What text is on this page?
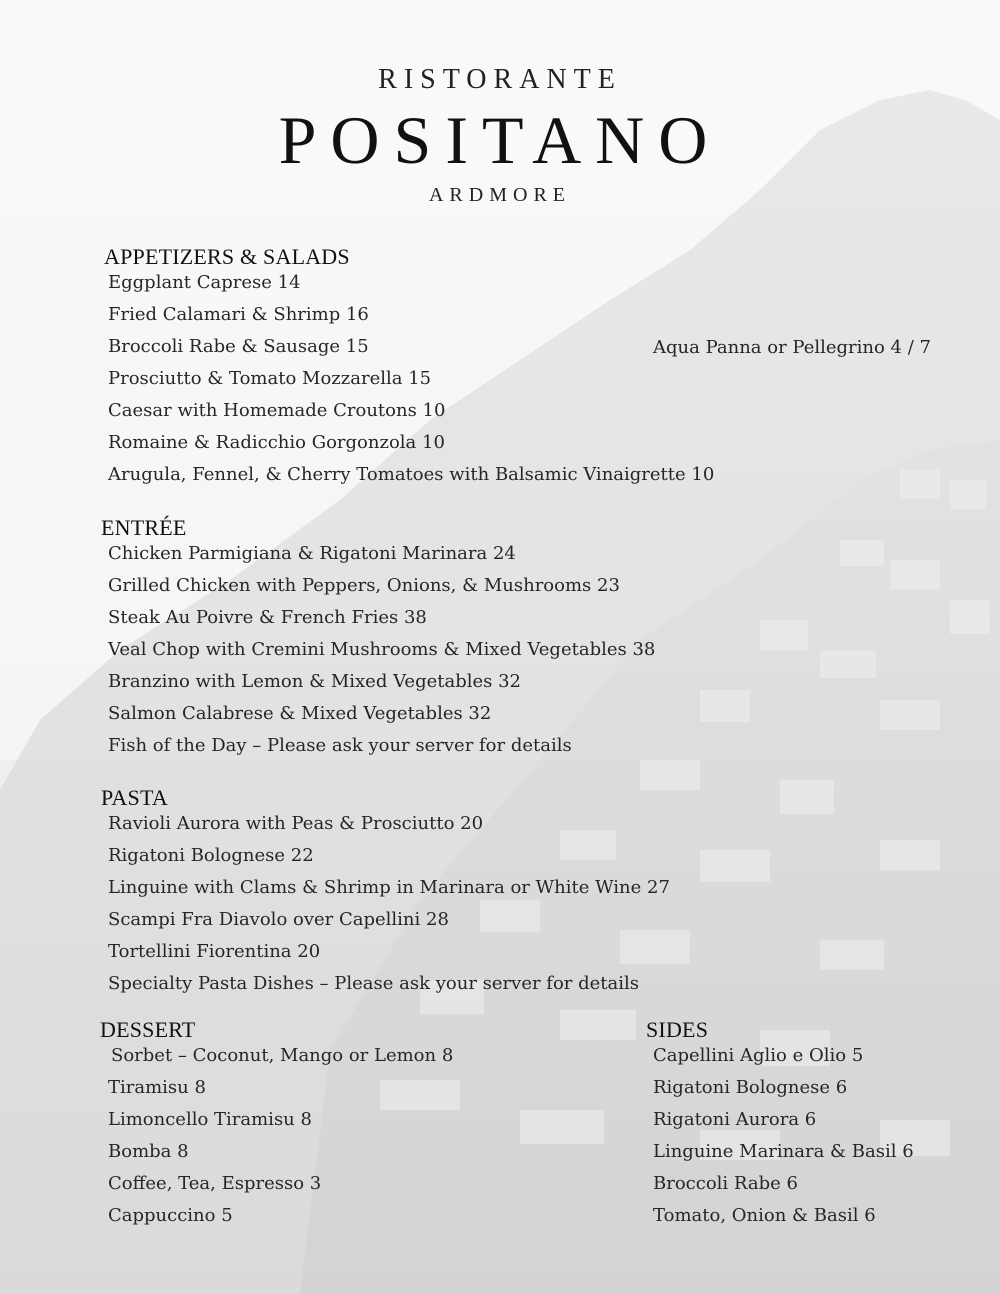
RISTORANTE
POSITANO
ARDMORE
APPETIZERS & SALADS
Eggplant Caprese 14
Fried Calamari & Shrimp 16
Broccoli Rabe & Sausage 15
Prosciutto & Tomato Mozzarella 15
Caesar with Homemade Croutons 10
Romaine & Radicchio Gorgonzola 10
Arugula, Fennel, & Cherry Tomatoes with Balsamic Vinaigrette 10
Aqua Panna or Pellegrino 4 / 7
ENTRÉE
Chicken Parmigiana & Rigatoni Marinara 24
Grilled Chicken with Peppers, Onions, & Mushrooms 23
Steak Au Poivre & French Fries 38
Veal Chop with Cremini Mushrooms & Mixed Vegetables 38
Branzino with Lemon & Mixed Vegetables 32
Salmon Calabrese & Mixed Vegetables 32
Fish of the Day – Please ask your server for details
PASTA
Ravioli Aurora with Peas & Prosciutto 20
Rigatoni Bolognese 22
Linguine with Clams & Shrimp in Marinara or White Wine 27
Scampi Fra Diavolo over Capellini 28
Tortellini Fiorentina 20
Specialty Pasta Dishes – Please ask your server for details
DESSERT
Sorbet – Coconut, Mango or Lemon 8
Tiramisu 8
Limoncello Tiramisu 8
Bomba 8
Coffee, Tea, Espresso 3
Cappuccino 5
SIDES
Capellini Aglio e Olio 5
Rigatoni Bolognese 6
Rigatoni Aurora 6
Linguine Marinara & Basil 6
Broccoli Rabe 6
Tomato, Onion & Basil 6
